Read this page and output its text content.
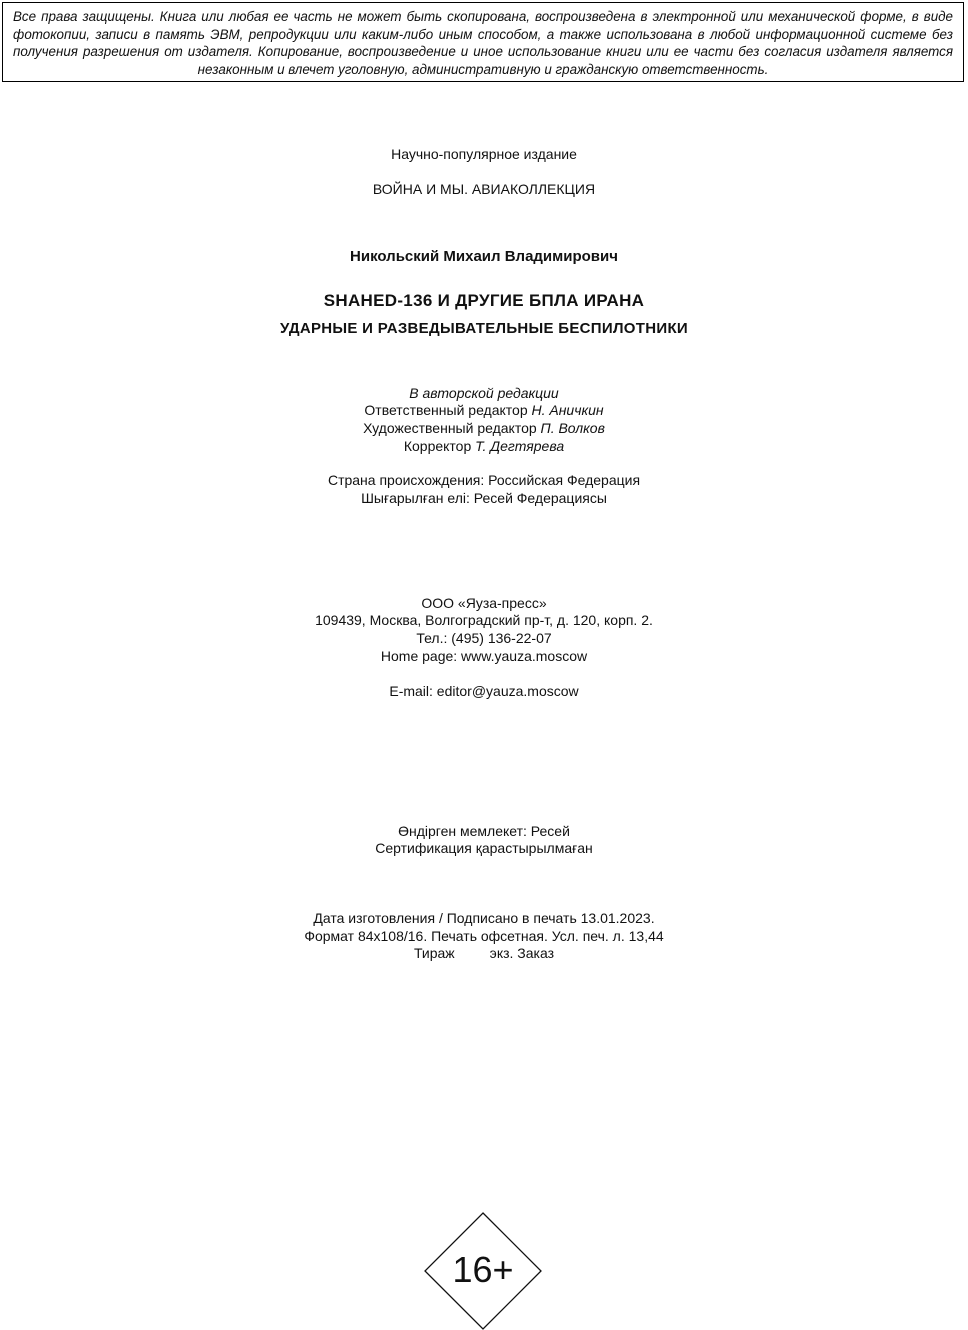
Все права защищены. Книга или любая ее часть не может быть скопирована, воспроизведена в электронной или механической форме, в виде фотокопии, записи в память ЭВМ, репродукции или каким-либо иным способом, а также использована в любой информационной системе без получения разрешения от издателя. Копирование, воспроизведение и иное использование книги или ее части без согласия издателя является незаконным и влечет уголовную, административную и гражданскую ответственность.
Научно-популярное издание
ВОЙНА И МЫ. АВИАКОЛЛЕКЦИЯ
Никольский Михаил Владимирович
SHAHED-136 И ДРУГИЕ БПЛА ИРАНА
УДАРНЫЕ И РАЗВЕДЫВАТЕЛЬНЫЕ БЕСПИЛОТНИКИ
В авторской редакции
Ответственный редактор Н. Аничкин
Художественный редактор П. Волков
Корректор Т. Дегтярева
Страна происхождения: Российская Федерация
Шығарылған елі: Ресей Федерациясы
ООО «Яуза-пресс»
109439, Москва, Волгоградский пр-т, д. 120, корп. 2.
Тел.: (495) 136-22-07
Home page: www.yauza.moscow
E-mail: editor@yauza.moscow
Өндірген мемлекет: Ресей
Сертификация қарастырылмаған
Дата изготовления / Подписано в печать 13.01.2023.
Формат 84x108/16. Печать офсетная. Усл. печ. л. 13,44
Тираж         экз. Заказ
16+
